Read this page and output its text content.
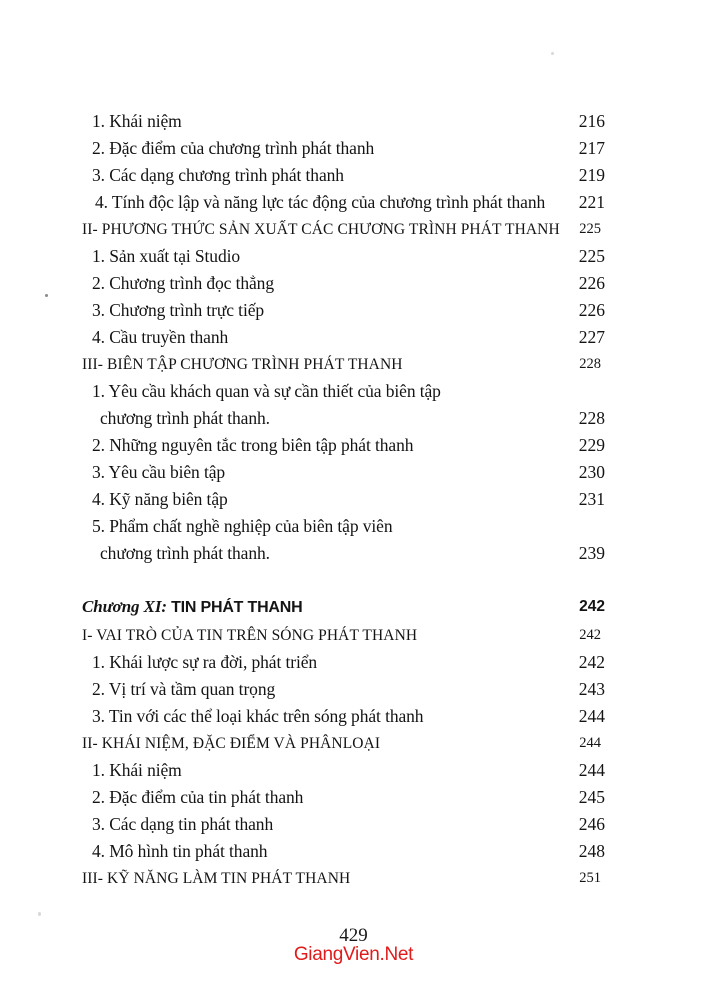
1. Khái niệm	216
2. Đặc điểm của chương trình phát thanh	217
3. Các dạng chương trình phát thanh	219
4. Tính độc lập và năng lực tác động của chương trình phát thanh 221
II- PHƯƠNG THỨC SẢN XUẤT CÁC CHƯƠNG TRÌNH PHÁT THANH 225
1. Sản xuất tại Studio	225
2. Chương trình đọc thẳng	226
3. Chương trình trực tiếp	226
4. Cầu truyền thanh	227
III- BIÊN TẬP CHƯƠNG TRÌNH PHÁT THANH	228
1. Yêu cầu khách quan và sự cần thiết của biên tập
chương trình phát thanh.	228
2. Những nguyên tắc trong biên tập phát thanh	229
3. Yêu cầu biên tập	230
4. Kỹ năng biên tập	231
5. Phẩm chất nghề nghiệp của biên tập viên
chương trình phát thanh.	239
Chương XI: TIN PHÁT THANH	242
I- VAI TRÒ CỦA TIN TRÊN SÓNG PHÁT THANH	242
1. Khái lược sự ra đời, phát triển	242
2. Vị trí và tầm quan trọng	243
3. Tin với các thể loại khác trên sóng phát thanh	244
II- KHÁI NIỆM, ĐẶC ĐIỂM VÀ PHÂNLOẠI	244
1. Khái niệm	244
2. Đặc điểm của tin phát thanh	245
3. Các dạng tin phát thanh	246
4. Mô hình tin phát thanh	248
III- KỸ NĂNG LÀM TIN PHÁT THANH	251
429
GiangVien.Net
